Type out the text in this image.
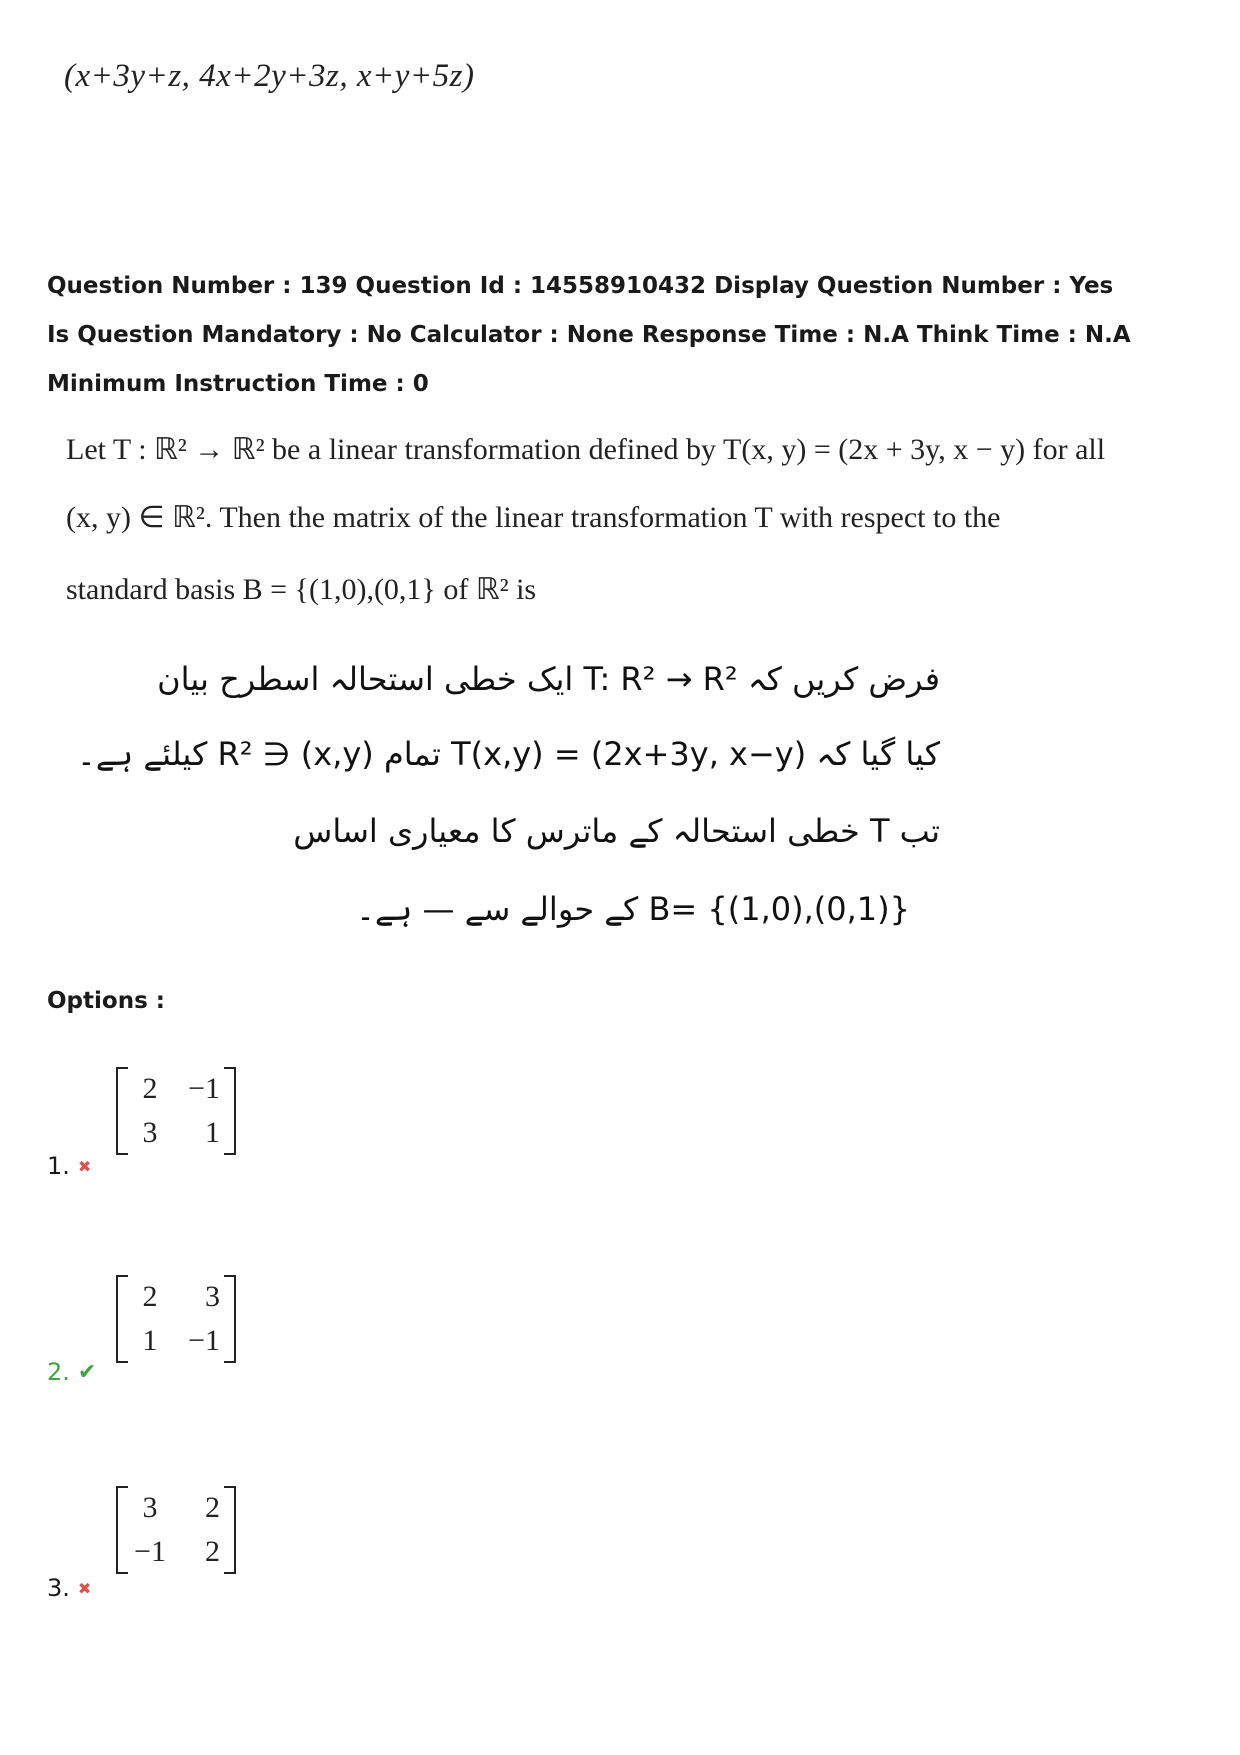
(x+3y+z, 4x+2y+3z, x+y+5z)
Question Number : 139 Question Id : 14558910432 Display Question Number : Yes Is Question Mandatory : No Calculator : None Response Time : N.A Think Time : N.A Minimum Instruction Time : 0
Let T : ℝ² → ℝ² be a linear transformation defined by T(x, y) = (2x + 3y, x − y) for all
(x, y) ∈ ℝ². Then the matrix of the linear transformation T with respect to the
standard basis B = {(1,0),(0,1} of ℝ² is
فرض کریں کہ T: R² → R² ایک خطی استحالہ اسطرح بیان
کیا گیا کہ T(x,y) = (2x+3y, x−y) تمام (x,y) ∈ R² کیلئے ہے۔
تب T خطی استحالہ کے ماترس کا معیاری اساس
B= {(1,0),(0,1)} کے حوالے سے — ہے۔
Options :
2	−1
3	1
1. ✖
2	3
1	−1
2. ✔
3	2
−1	2
3. ✖
